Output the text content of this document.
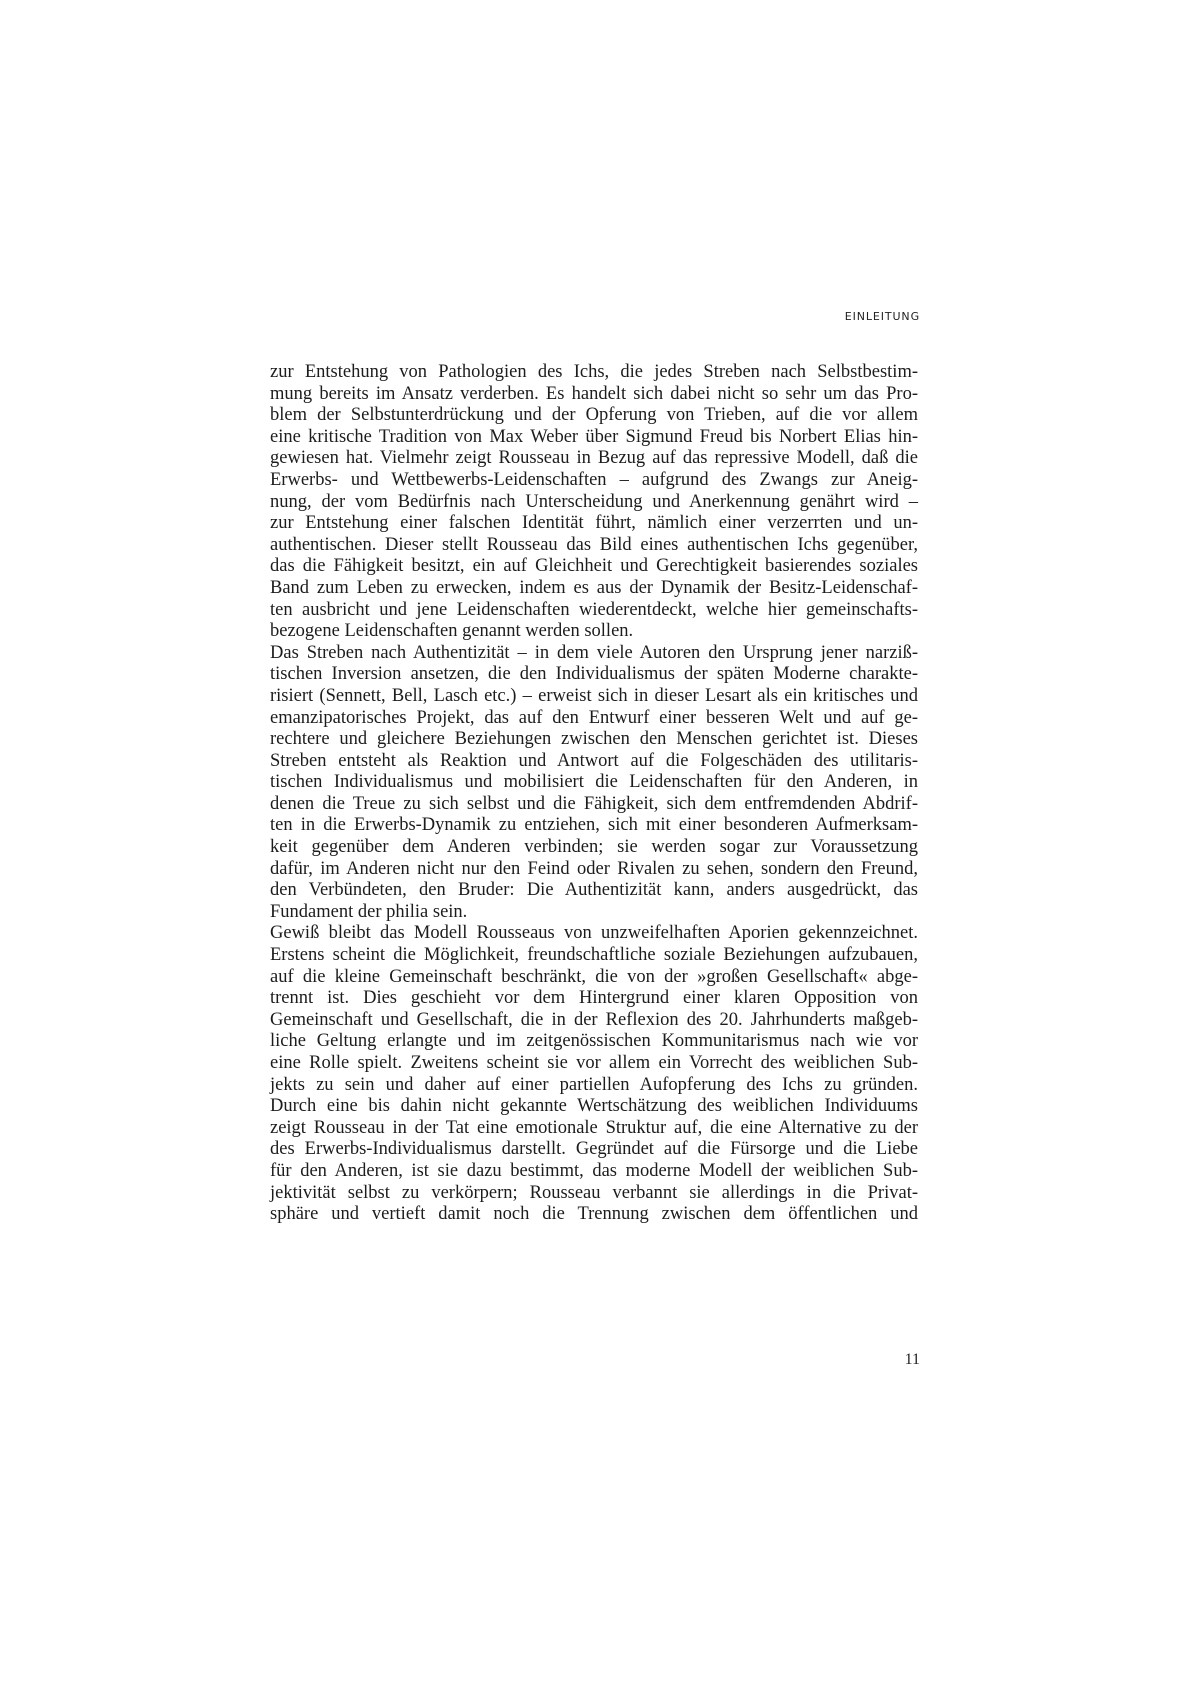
EINLEITUNG
zur Entstehung von Pathologien des Ichs, die jedes Streben nach Selbstbestim-
mung bereits im Ansatz verderben. Es handelt sich dabei nicht so sehr um das Pro-
blem der Selbstunterdrückung und der Opferung von Trieben, auf die vor allem
eine kritische Tradition von Max Weber über Sigmund Freud bis Norbert Elias hin-
gewiesen hat. Vielmehr zeigt Rousseau in Bezug auf das repressive Modell, daß die
Erwerbs- und Wettbewerbs-Leidenschaften – aufgrund des Zwangs zur Aneig-
nung, der vom Bedürfnis nach Unterscheidung und Anerkennung genährt wird –
zur Entstehung einer falschen Identität führt, nämlich einer verzerrten und un-
authentischen. Dieser stellt Rousseau das Bild eines authentischen Ichs gegenüber,
das die Fähigkeit besitzt, ein auf Gleichheit und Gerechtigkeit basierendes soziales
Band zum Leben zu erwecken, indem es aus der Dynamik der Besitz-Leidenschaf-
ten ausbricht und jene Leidenschaften wiederentdeckt, welche hier gemeinschafts-
bezogene Leidenschaften genannt werden sollen.
Das Streben nach Authentizität – in dem viele Autoren den Ursprung jener narziß-
tischen Inversion ansetzen, die den Individualismus der späten Moderne charakte-
risiert (Sennett, Bell, Lasch etc.) – erweist sich in dieser Lesart als ein kritisches und
emanzipatorisches Projekt, das auf den Entwurf einer besseren Welt und auf ge-
rechtere und gleichere Beziehungen zwischen den Menschen gerichtet ist. Dieses
Streben entsteht als Reaktion und Antwort auf die Folgeschäden des utilitaris-
tischen Individualismus und mobilisiert die Leidenschaften für den Anderen, in
denen die Treue zu sich selbst und die Fähigkeit, sich dem entfremdenden Abdrif-
ten in die Erwerbs-Dynamik zu entziehen, sich mit einer besonderen Aufmerksam-
keit gegenüber dem Anderen verbinden; sie werden sogar zur Voraussetzung
dafür, im Anderen nicht nur den Feind oder Rivalen zu sehen, sondern den Freund,
den Verbündeten, den Bruder: Die Authentizität kann, anders ausgedrückt, das
Fundament der philia sein.
Gewiß bleibt das Modell Rousseaus von unzweifelhaften Aporien gekennzeichnet.
Erstens scheint die Möglichkeit, freundschaftliche soziale Beziehungen aufzubauen,
auf die kleine Gemeinschaft beschränkt, die von der »großen Gesellschaft« abge-
trennt ist. Dies geschieht vor dem Hintergrund einer klaren Opposition von
Gemeinschaft und Gesellschaft, die in der Reflexion des 20. Jahrhunderts maßgeb-
liche Geltung erlangte und im zeitgenössischen Kommunitarismus nach wie vor
eine Rolle spielt. Zweitens scheint sie vor allem ein Vorrecht des weiblichen Sub-
jekts zu sein und daher auf einer partiellen Aufopferung des Ichs zu gründen.
Durch eine bis dahin nicht gekannte Wertschätzung des weiblichen Individuums
zeigt Rousseau in der Tat eine emotionale Struktur auf, die eine Alternative zu der
des Erwerbs-Individualismus darstellt. Gegründet auf die Fürsorge und die Liebe
für den Anderen, ist sie dazu bestimmt, das moderne Modell der weiblichen Sub-
jektivität selbst zu verkörpern; Rousseau verbannt sie allerdings in die Privat-
sphäre und vertieft damit noch die Trennung zwischen dem öffentlichen und
11
